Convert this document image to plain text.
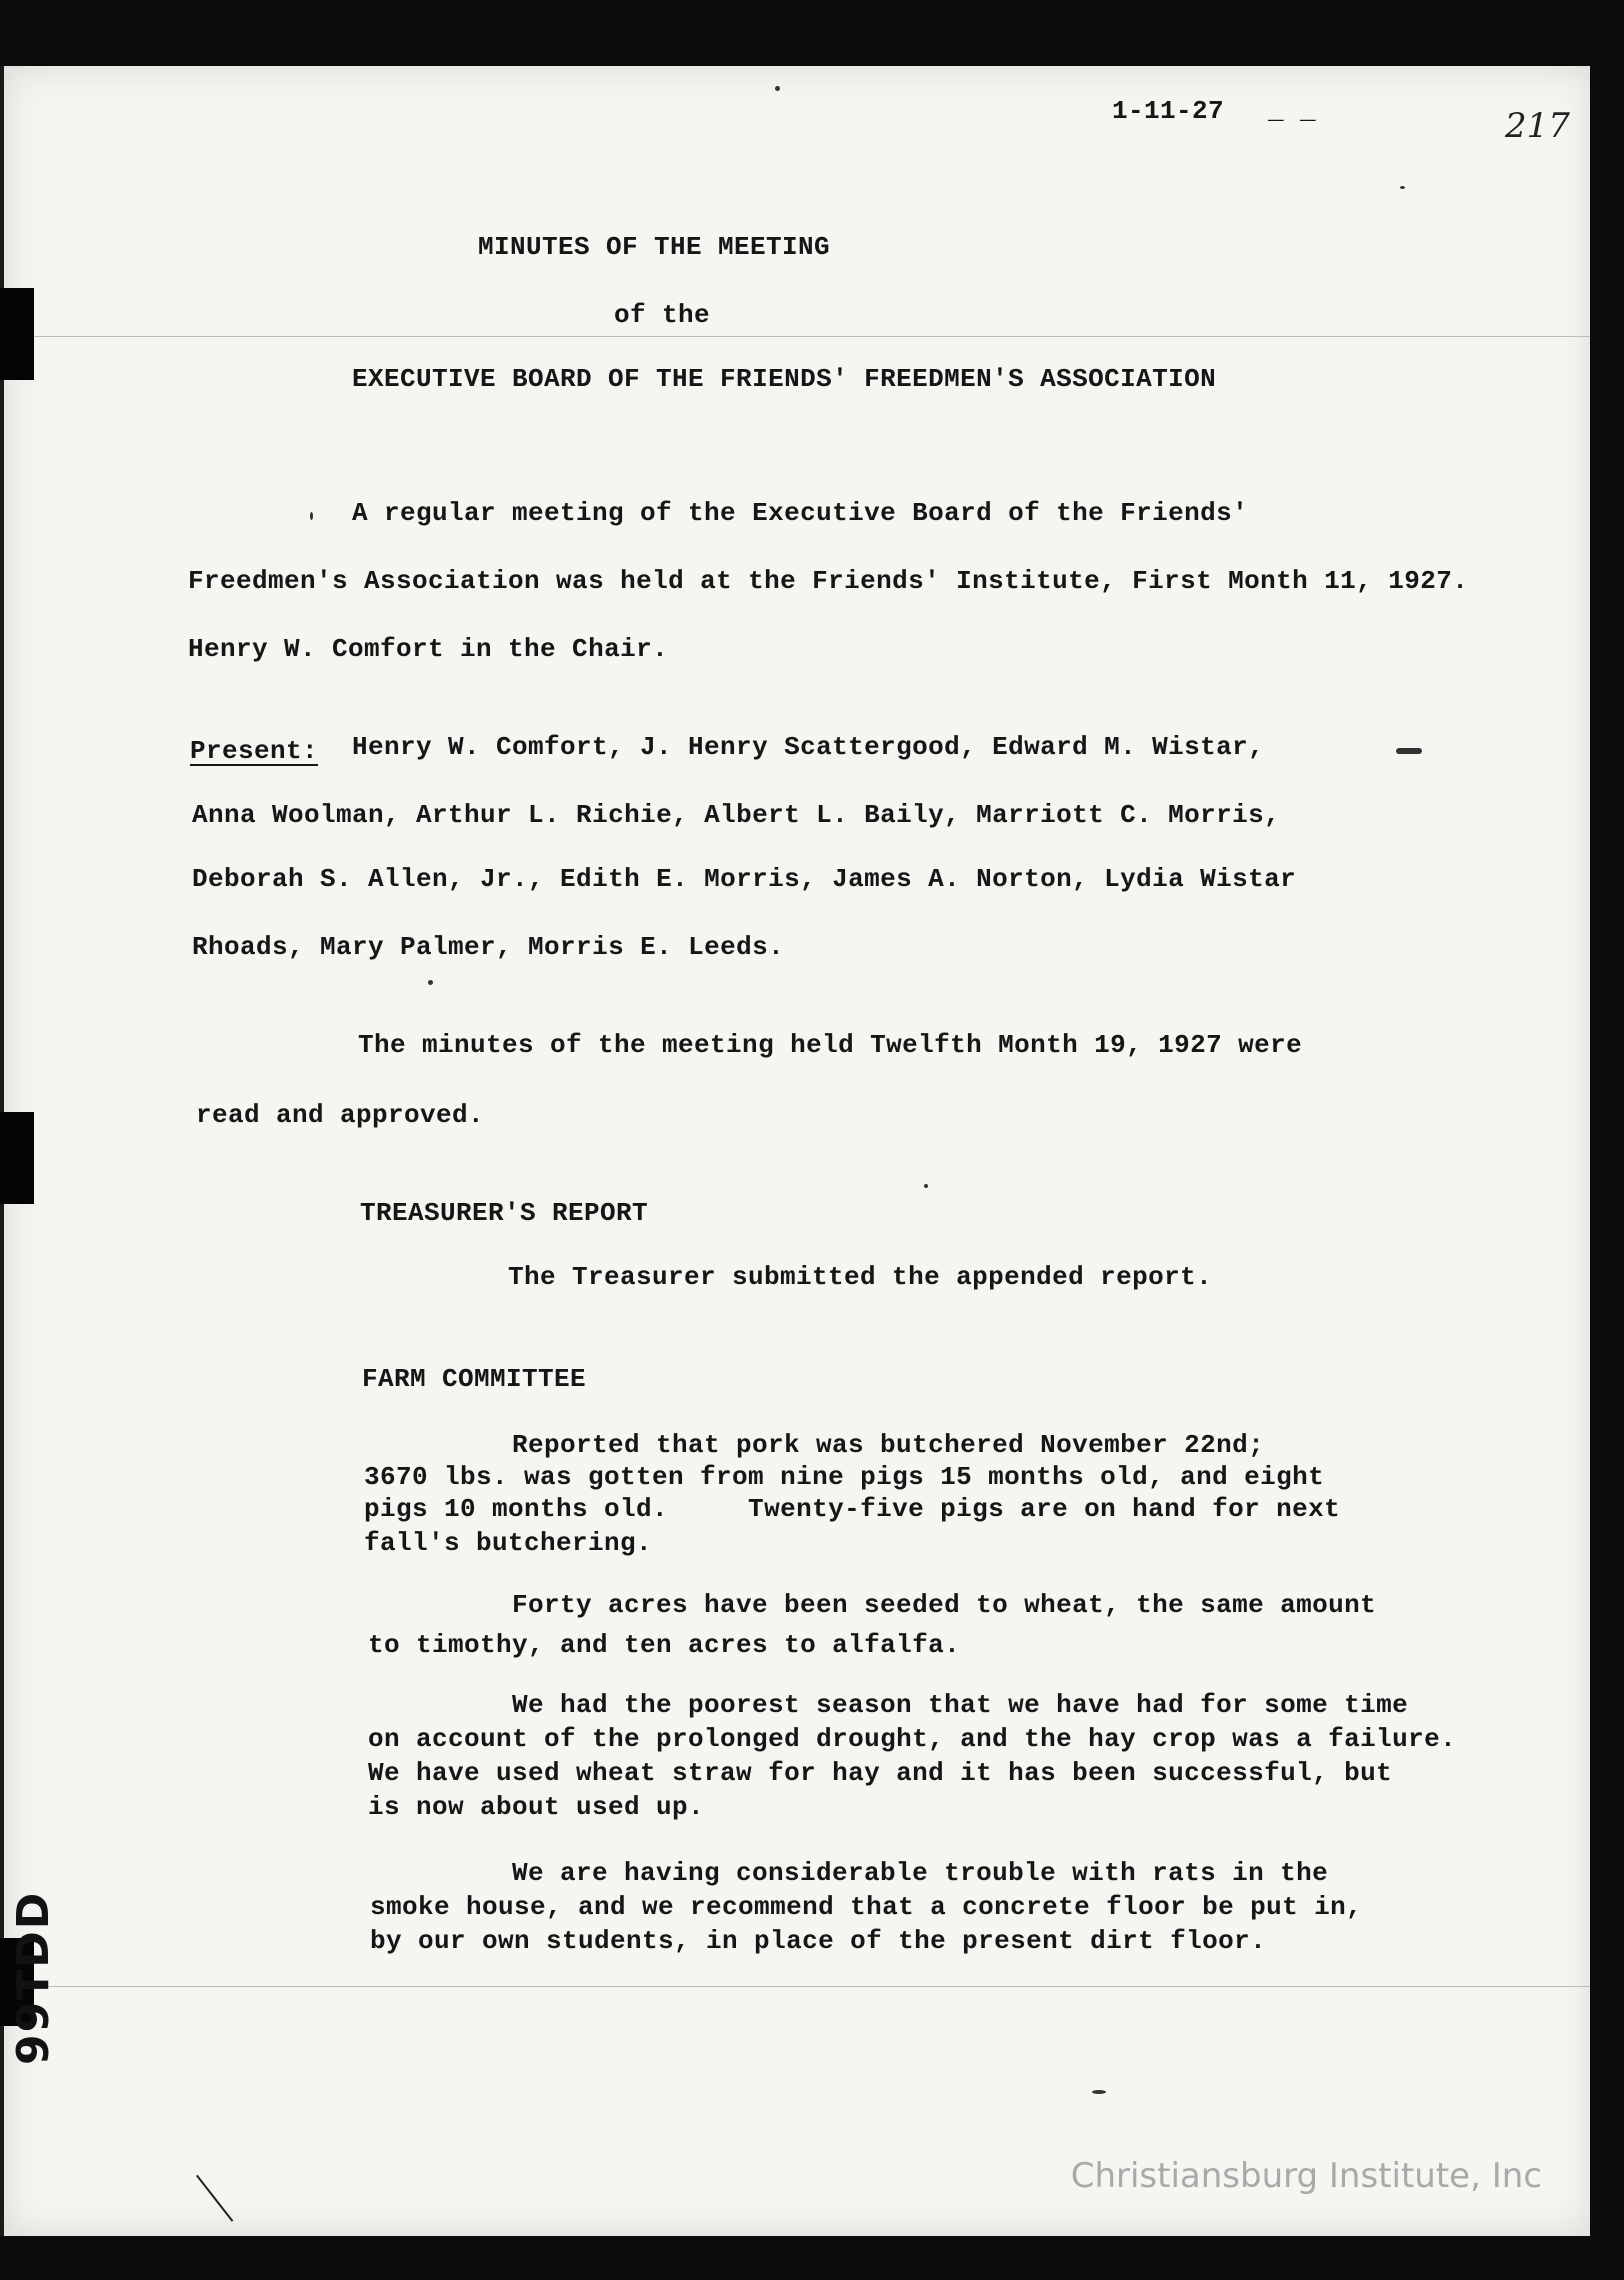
1-11-27 _ _	217
MINUTES OF THE MEETING
of the
EXECUTIVE BOARD OF THE FRIENDS' FREEDMEN'S ASSOCIATION
A regular meeting of the Executive Board of the Friends'
Freedmen's Association was held at the Friends' Institute, First Month 11, 1927.
Henry W. Comfort in the Chair.
Present: Henry W. Comfort, J. Henry Scattergood, Edward M. Wistar,
Anna Woolman, Arthur L. Richie, Albert L. Baily, Marriott C. Morris,
Deborah S. Allen, Jr., Edith E. Morris, James A. Norton, Lydia Wistar
Rhoads, Mary Palmer, Morris E. Leeds.
The minutes of the meeting held Twelfth Month 19, 1927 were
read and approved.
TREASURER'S REPORT
The Treasurer submitted the appended report.
FARM COMMITTEE
Reported that pork was butchered November 22nd;
3670 lbs. was gotten from nine pigs 15 months old, and eight
pigs 10 months old.     Twenty-five pigs are on hand for next
fall's butchering.
Forty acres have been seeded to wheat, the same amount
to timothy, and ten acres to alfalfa.
We had the poorest season that we have had for some time
on account of the prolonged drought, and the hay crop was a failure.
We have used wheat straw for hay and it has been successful, but
is now about used up.
We are having considerable trouble with rats in the
smoke house, and we recommend that a concrete floor be put in,
by our own students, in place of the present dirt floor.
99TDD
Christiansburg Institute, Inc
